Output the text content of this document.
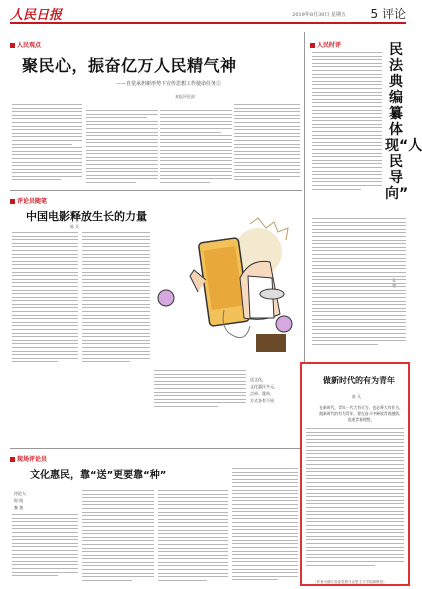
人民日报	2019年8月30日 星期五 5 评论
人民观点
聚民心，振奋亿万人民精气神
——自觉承担新形势下宣传思想工作使命任务②
本报评论部
人民时评	民法典编纂体现“人民导向”
璁
评论员随笔
中国电影释放生长的力量
陈 凡
送文化，
文化惠民多元，
点单、派单，
方式各有不同
现场评论员
文化惠民，靠“送”更要靠“种”
评论人：
时 间
参 加
做新时代的有为青年
陈 凡
在新时代，青年一代大有可为，也必将大有作为。做新时代的有为青年，要在奋斗中释放青春激情、追逐青春理想。
（作者为浙江省委党校马克思主义学院副教授）
